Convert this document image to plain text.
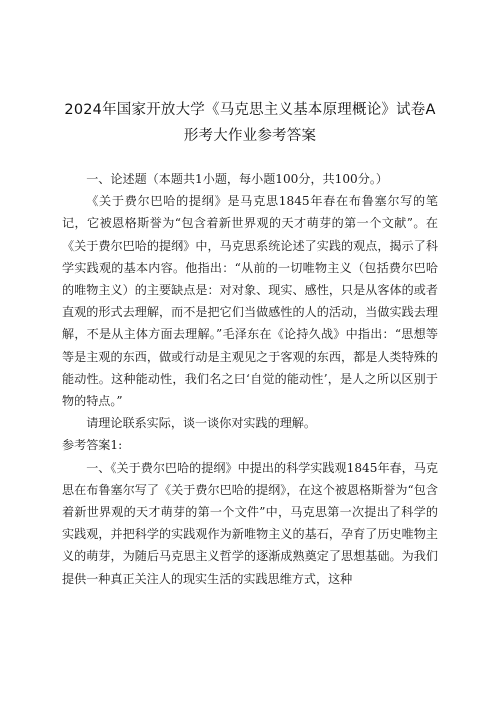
2024年国家开放大学《马克思主义基本原理概论》试卷A
形考大作业参考答案

一、论述题（本题共1小题，每小题100分，共100分。）

《关于费尔巴哈的提纲》是马克思1845年春在布鲁塞尔写的笔记，它被恩格斯誉为“包含着新世界观的天才萌芽的第一个文献”。在《关于费尔巴哈的提纲》中，马克思系统论述了实践的观点，揭示了科学实践观的基本内容。他指出：“从前的一切唯物主义（包括费尔巴哈的唯物主义）的主要缺点是：对对象、现实、感性，只是从客体的或者直观的形式去理解，而不是把它们当做感性的人的活动，当做实践去理解，不是从主体方面去理解。”毛泽东在《论持久战》中指出：“思想等等是主观的东西，做或行动是主观见之于客观的东西，都是人类特殊的能动性。这种能动性，我们名之曰‘自觉的能动性’，是人之所以区别于物的特点。”

请理论联系实际，谈一谈你对实践的理解。

参考答案1:

一、《关于费尔巴哈的提纲》中提出的科学实践观1845年春，马克思在布鲁塞尔写了《关于费尔巴哈的提纲》，在这个被恩格斯誉为“包含着新世界观的天才萌芽的第一个文件”中，马克思第一次提出了科学的实践观，并把科学的实践观作为新唯物主义的基石，孕育了历史唯物主义的萌芽，为随后马克思主义哲学的逐渐成熟奠定了思想基础。为我们提供一种真正关注人的现实生活的实践思维方式，这种
